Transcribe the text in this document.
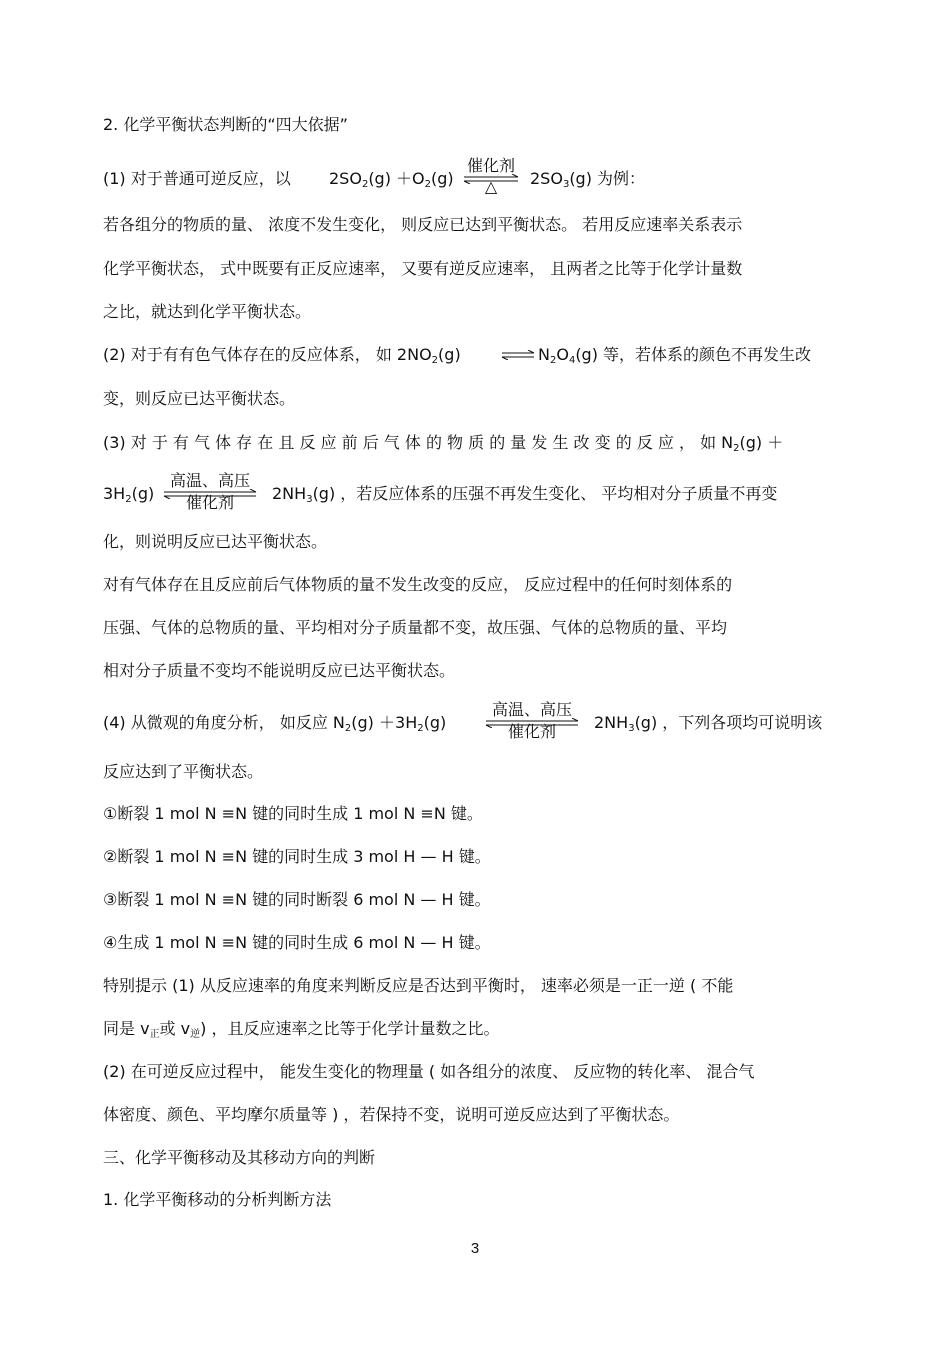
2. 化学平衡状态判断的“四大依据”
(1) 对于普通可逆反应，以 $2SO_2(g) +O_2(g)$
催化剂
△	$2SO_3(g)$ 为例：
若各组分的物质的量、 浓度不发生变化， 则反应已达到平衡状态。 若用反应速率关系表示
化学平衡状态， 式中既要有正反应速率， 又要有逆反应速率， 且两者之比等于化学计量数
之比，就达到化学平衡状态。
(2) 对于有有色气体存在的反应体系， 如 $2NO_2(g)$ ⇌ $N_2O_4(g)$ 等，若体系的颜色不再发生改
变，则反应已达平衡状态。
(3) 对 于 有 气 体 存 在 且 反 应 前 后 气 体 的 物 质 的 量 发 生 改 变 的 反 应 ， 如 $N_2(g)$ ＋
$3H_2(g)$
高温、高压
催化剂	$2NH_3(g)$ ，若反应体系的压强不再发生变化、 平均相对分子质量不再变
化，则说明反应已达平衡状态。
对有气体存在且反应前后气体物质的量不发生改变的反应， 反应过程中的任何时刻体系的
压强、气体的总物质的量、平均相对分子质量都不变，故压强、气体的总物质的量、平均
相对分子质量不变均不能说明反应已达平衡状态。
(4) 从微观的角度分析， 如反应 $N_2(g) +3H_2(g)$
高温、高压
催化剂	$2NH_3(g)$ ，下列各项均可说明该
反应达到了平衡状态。
①断裂 1 mol N ≡N 键的同时生成 1 mol N ≡N 键。
②断裂 1 mol N ≡N 键的同时生成 3 mol H — H 键。
③断裂 1 mol N ≡N 键的同时断裂 6 mol N — H 键。
④生成 1 mol N ≡N 键的同时生成 6 mol N — H 键。
特别提示 (1) 从反应速率的角度来判断反应是否达到平衡时， 速率必须是一正一逆 ( 不能
同是 $v_正$或 $v_逆$) ，且反应速率之比等于化学计量数之比。
(2) 在可逆反应过程中， 能发生变化的物理量 ( 如各组分的浓度、 反应物的转化率、 混合气
体密度、颜色、平均摩尔质量等 ) ，若保持不变，说明可逆反应达到了平衡状态。
三、化学平衡移动及其移动方向的判断
1. 化学平衡移动的分析判断方法
3
